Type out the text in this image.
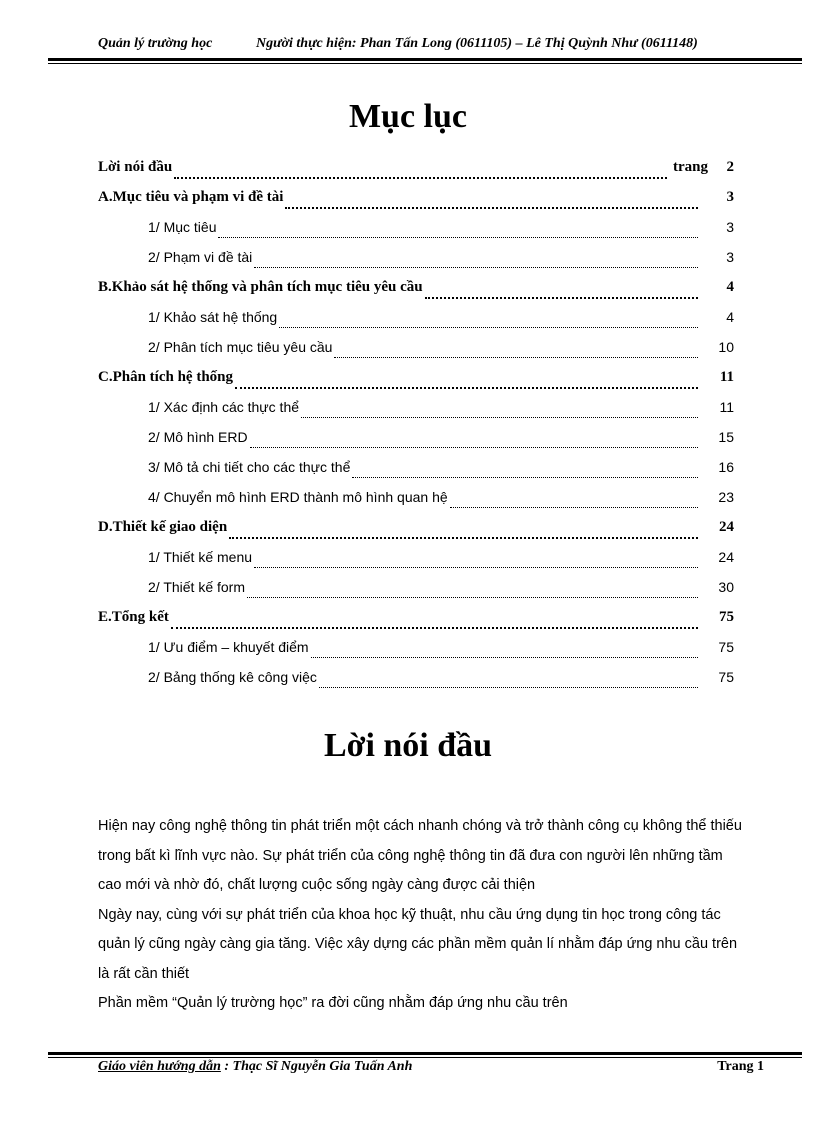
Quản lý trường học	Người thực hiện: Phan Tấn Long (0611105) – Lê Thị Quỳnh Như (0611148)
Mục lục
Lời nói đầu	trang 2
A.Mục tiêu và phạm vi đề tài	3
1/ Mục tiêu	3
2/ Phạm vi đề tài	3
B.Khảo sát hệ thống và phân tích mục tiêu yêu cầu	4
1/ Khảo sát hệ thống	4
2/ Phân tích mục tiêu yêu cầu	10
C.Phân tích hệ thống	11
1/ Xác định các thực thể	11
2/ Mô hình ERD	15
3/ Mô tả chi tiết cho các thực thể	16
4/ Chuyển mô hình ERD thành mô hình quan hệ	23
D.Thiết kế giao diện	24
1/ Thiết kế menu	24
2/ Thiết kế form	30
E.Tổng kết	75
1/ Ưu điểm – khuyết điểm	75
2/ Bảng thống kê công việc	75
Lời nói đầu

Hiện nay công nghệ thông tin phát triển một cách nhanh chóng và trở thành công cụ không thể thiếu trong bất kì lĩnh vực nào. Sự phát triển của công nghệ thông tin đã đưa con người lên những tầm cao mới và nhờ đó, chất lượng cuộc sống ngày càng được cải thiện

Ngày nay, cùng với sự phát triển của khoa học kỹ thuật, nhu cầu ứng dụng tin học trong công tác quản lý cũng ngày càng gia tăng. Việc xây dựng các phần mềm quản lí nhằm đáp ứng nhu cầu trên là rất cần thiết

Phần mềm “Quản lý trường học” ra đời cũng nhằm đáp ứng nhu cầu trên

Giáo viên hướng dẫn : Thạc Sĩ Nguyễn Gia Tuấn Anh	Trang 1
